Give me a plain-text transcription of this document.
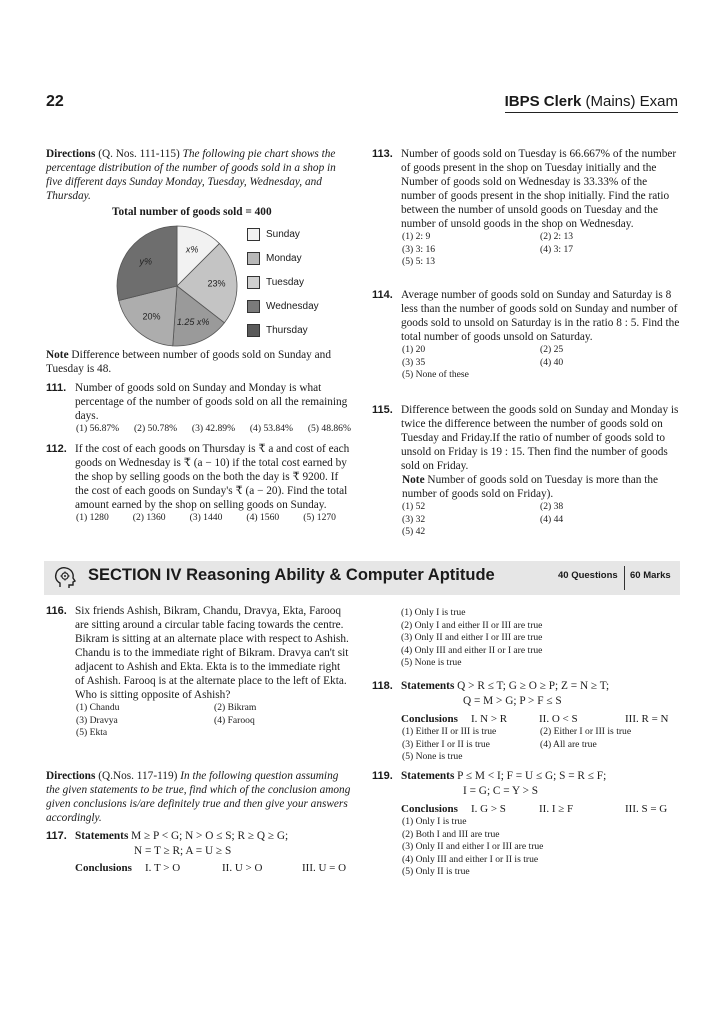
22	IBPS Clerk (Mains) Exam

Directions (Q. Nos. 111-115) The following pie chart shows the percentage distribution of the number of goods sold in a shop in five different days Sunday Monday, Tuesday, Wednesday, and Thursday.

Total number of goods sold = 400
x%
23%
1.25 x%
20%
y%
Sunday
Monday
Tuesday
Wednesday
Thursday

Note Difference between number of goods sold on Sunday and Tuesday is 48.

111. Number of goods sold on Sunday and Monday is what percentage of the number of goods sold on all the remaining days.
(1) 56.87% (2) 50.78% (3) 42.89% (4) 53.84% (5) 48.86%
112. If the cost of each goods on Thursday is ₹ a and cost of each goods on Wednesday is ₹ (a − 10) if the total cost earned by the shop by selling goods on the both the day is ₹ 9200. If the cost of each goods on Sunday's ₹ (a − 20). Find the total amount earned by the shop on selling goods on Sunday.
(1) 1280	(2) 1360	(3) 1440	(4) 1560	(5) 1270
113. Number of goods sold on Tuesday is 66.667% of the number of goods present in the shop on Tuesday initially and the Number of goods sold on Wednesday is 33.33% of the number of goods present in the shop initially. Find the ratio between the number of unsold goods on Tuesday and the number of unsold goods in the shop on Wednesday.
(1) 2: 9	(2) 2: 13
(3) 3: 16	(4) 3: 17
(5) 5: 13
114. Average number of goods sold on Sunday and Saturday is 8 less than the number of goods sold on Sunday and number of goods sold to unsold on Saturday is in the ratio 8 : 5. Find the total number of goods unsold on Saturday.
(1) 20	(2) 25
(3) 35	(4) 40
(5) None of these
115. Difference between the goods sold on Sunday and Monday is twice the difference between the number of goods sold on Tuesday and Friday.If the ratio of number of goods sold to unsold on Friday is 19 : 15. Then find the number of goods sold on Friday.
Note Number of goods sold on Tuesday is more than the number of goods sold on Friday).
(1) 52	(2) 38
(3) 32	(4) 44
(5) 42
SECTION IV Reasoning Ability & Computer Aptitude	40 Questions 60 Marks
116. Six friends Ashish, Bikram, Chandu, Dravya, Ekta, Farooq are sitting around a circular table facing towards the centre. Bikram is sitting at an alternate place with respect to Ashish. Chandu is to the immediate right of Bikram. Dravya can't sit adjacent to Ashish and Ekta. Ekta is to the immediate right of Ashish. Farooq is at the alternate place to the left of Ekta. Who is sitting opposite of Ashish?
(1) Chandu	(2) Bikram
(3) Dravya	(4) Farooq
(5) Ekta

Directions (Q.Nos. 117-119) In the following question assuming the given statements to be true, find which of the conclusion among given conclusions is/are definitely true and then give your answers accordingly.

117. Statements M ≥ P < G; N > O ≤ S; R ≥ Q ≥ G;
N = T ≥ R; A = U ≥ S
Conclusions	I. T > O	II. U > O	III. U = O
(1) Only I is true
(2) Only I and either II or III are true
(3) Only II and either I or III are true
(4) Only III and either II or I are true
(5) None is true
118. Statements Q > R ≤ T; G ≥ O ≥ P; Z = N ≥ T;
Q = M > G; P > F ≤ S
Conclusions	I. N > R	II. O < S	III. R = N
(1) Either II or III is true	(2) Either I or III is true
(3) Either I or II is true	(4) All are true
(5) None is true
119. Statements P ≤ M < I; F = U ≤ G; S = R ≤ F;
I = G; C = Y > S
Conclusions	I. G > S	II. I ≥ F	III. S = G
(1) Only I is true
(2) Both I and III are true
(3) Only II and either I or III are true
(4) Only III and either I or II is true
(5) Only II is true
